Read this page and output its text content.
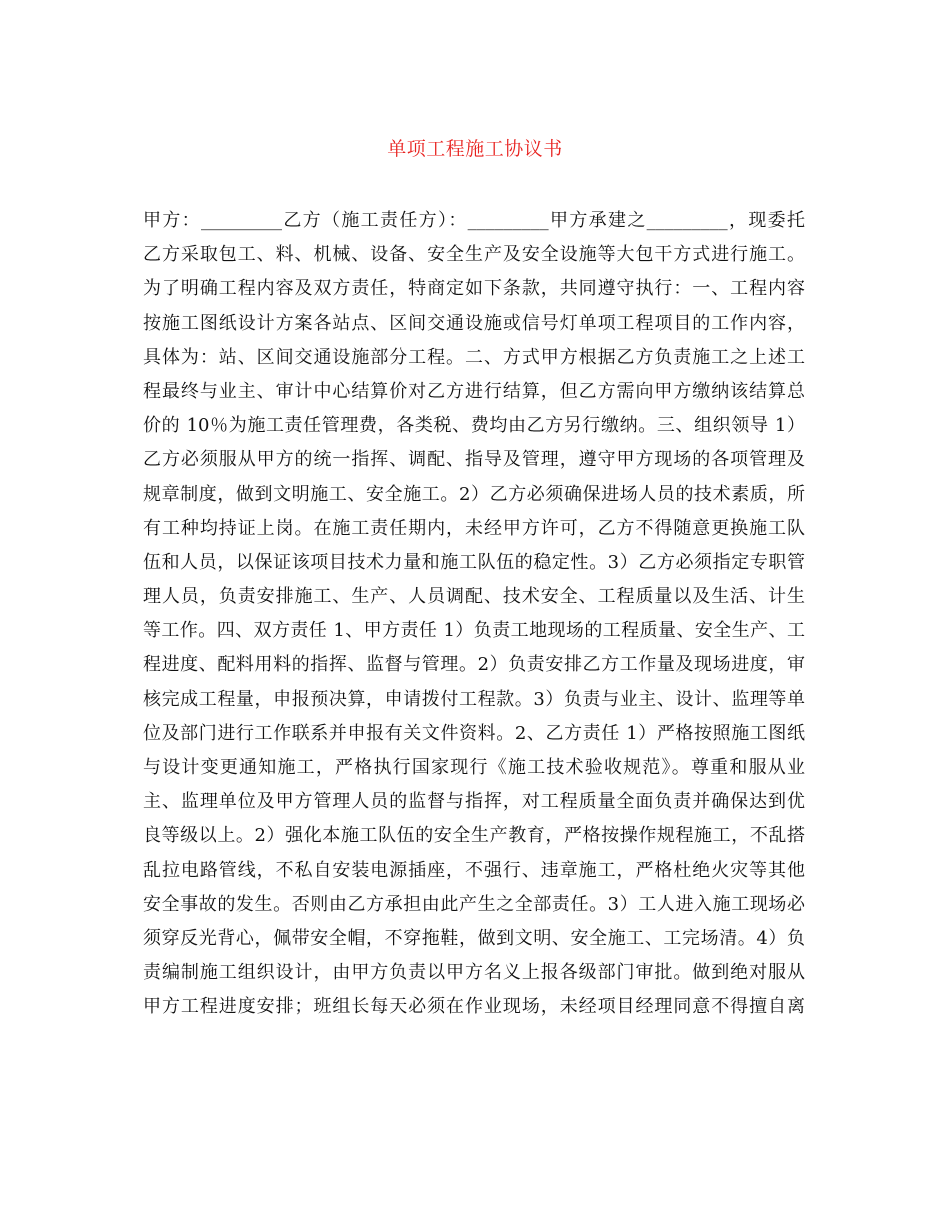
单项工程施工协议书
甲方：_________乙方（施工责任方）：_________甲方承建之_________，现委托
乙方采取包工、料、机械、设备、安全生产及安全设施等大包干方式进行施工。
为了明确工程内容及双方责任，特商定如下条款，共同遵守执行：一、工程内容
按施工图纸设计方案各站点、区间交通设施或信号灯单项工程项目的工作内容，
具体为：站、区间交通设施部分工程。二、方式甲方根据乙方负责施工之上述工
程最终与业主、审计中心结算价对乙方进行结算，但乙方需向甲方缴纳该结算总
价的 10％为施工责任管理费，各类税、费均由乙方另行缴纳。三、组织领导 1）
乙方必须服从甲方的统一指挥、调配、指导及管理，遵守甲方现场的各项管理及
规章制度，做到文明施工、安全施工。2）乙方必须确保进场人员的技术素质，所
有工种均持证上岗。在施工责任期内，未经甲方许可，乙方不得随意更换施工队
伍和人员，以保证该项目技术力量和施工队伍的稳定性。3）乙方必须指定专职管
理人员，负责安排施工、生产、人员调配、技术安全、工程质量以及生活、计生
等工作。四、双方责任 1、甲方责任 1）负责工地现场的工程质量、安全生产、工
程进度、配料用料的指挥、监督与管理。2）负责安排乙方工作量及现场进度，审
核完成工程量，申报预决算，申请拨付工程款。3）负责与业主、设计、监理等单
位及部门进行工作联系并申报有关文件资料。2、乙方责任 1）严格按照施工图纸
与设计变更通知施工，严格执行国家现行《施工技术验收规范》。尊重和服从业
主、监理单位及甲方管理人员的监督与指挥，对工程质量全面负责并确保达到优
良等级以上。2）强化本施工队伍的安全生产教育，严格按操作规程施工，不乱搭
乱拉电路管线，不私自安装电源插座，不强行、违章施工，严格杜绝火灾等其他
安全事故的发生。否则由乙方承担由此产生之全部责任。3）工人进入施工现场必
须穿反光背心，佩带安全帽，不穿拖鞋，做到文明、安全施工、工完场清。4）负
责编制施工组织设计，由甲方负责以甲方名义上报各级部门审批。做到绝对服从
甲方工程进度安排；班组长每天必须在作业现场，未经项目经理同意不得擅自离
